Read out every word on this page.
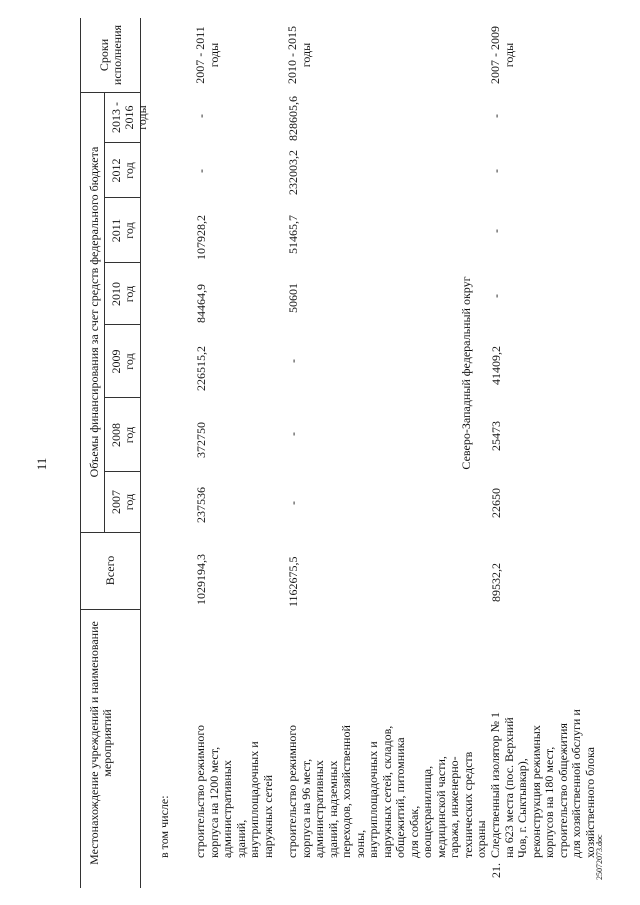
11
Местонахождение учреждений и наименование мероприятий
Всего
Объемы финансирования за счет средств федерального бюджета
2007 год
2008 год
2009 год
2010 год
2011 год
2012 год
2013 - 2016 годы
Сроки исполнения
в том числе: строительство режимного корпуса на 1200 мест, административных зданий, внутриплощадочных и наружных сетей
1029194,3
237536
372750
226515,2
84464,9
107928,2
-
-
2007 - 2011 годы
строительство режимного корпуса на 96 мест, административных зданий, надземных переходов, хозяйственной зоны, внутриплощадочных и наружных сетей, складов, общежитий, питомника для собак, овощехранилища, медицинской части, гаража, инженерно-технических средств охраны
1162675,5
-
-
-
50601
51465,7
232003,2
828605,6
2010 - 2015 годы
Северо-Западный федеральный округ
21.
Следственный изолятор № 1 на 623 места (пос. Верхний Чов, г. Сыктывкар), реконструкция режимных корпусов на 180 мест, строительство общежития для хозяйственной обслуги и хозяйственного блока
89532,2
22650
25473
41409,2
-
-
-
-
2007 - 2009 годы
25072073.doc
